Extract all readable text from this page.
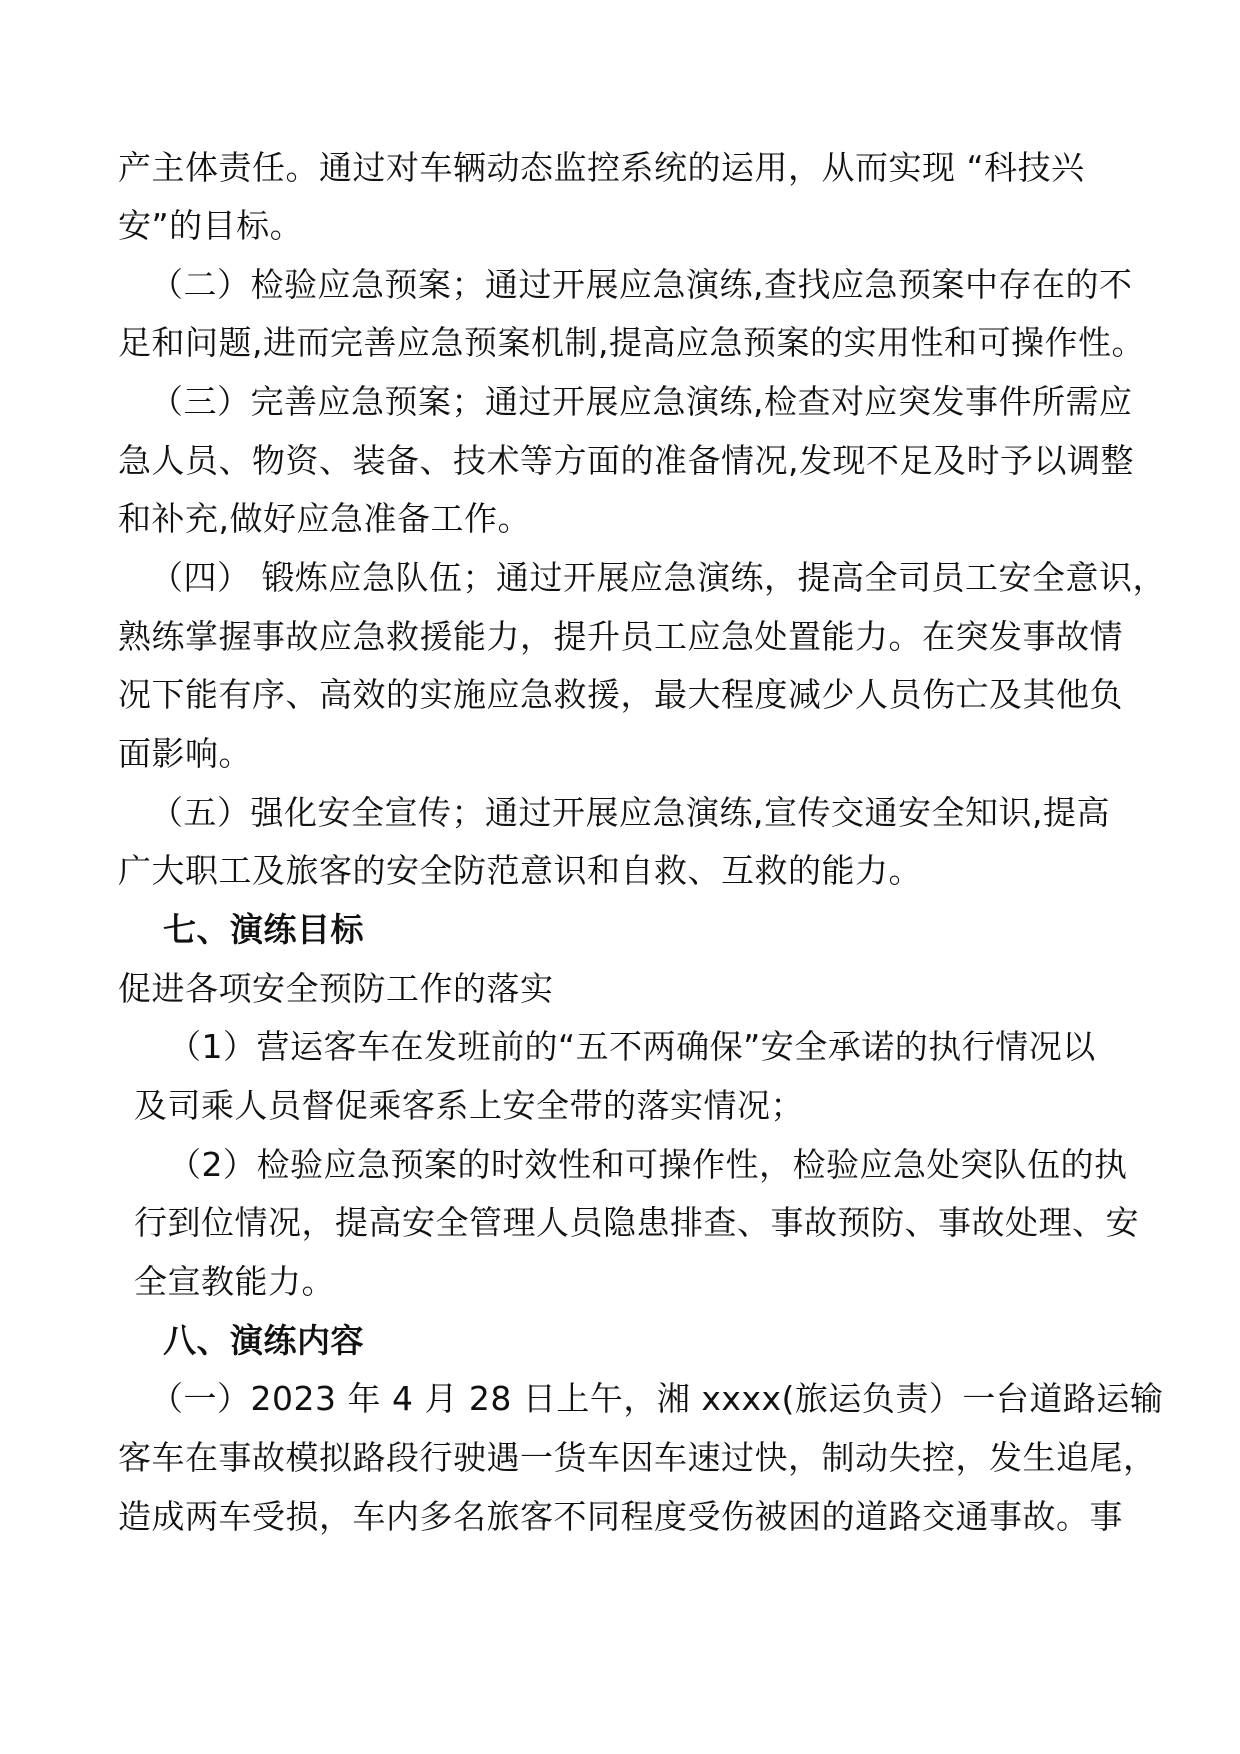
产主体责任。通过对车辆动态监控系统的运用，从而实现 “科技兴
安”的目标。
（二）检验应急预案；通过开展应急演练,查找应急预案中存在的不
足和问题,进而完善应急预案机制,提高应急预案的实用性和可操作性。
（三）完善应急预案；通过开展应急演练,检查对应突发事件所需应
急人员、物资、装备、技术等方面的准备情况,发现不足及时予以调整
和补充,做好应急准备工作。
（四） 锻炼应急队伍；通过开展应急演练，提高全司员工安全意识，
熟练掌握事故应急救援能力，提升员工应急处置能力。在突发事故情
况下能有序、高效的实施应急救援，最大程度减少人员伤亡及其他负
面影响。
（五）强化安全宣传；通过开展应急演练,宣传交通安全知识,提高
广大职工及旅客的安全防范意识和自救、互救的能力。
七、演练目标
促进各项安全预防工作的落实
（1）营运客车在发班前的“五不两确保”安全承诺的执行情况以
及司乘人员督促乘客系上安全带的落实情况；
（2）检验应急预案的时效性和可操作性，检验应急处突队伍的执
行到位情况，提高安全管理人员隐患排查、事故预防、事故处理、安
全宣教能力。
八、演练内容
（一）2023 年 4 月 28 日上午，湘 xxxx(旅运负责）一台道路运输
客车在事故模拟路段行驶遇一货车因车速过快，制动失控，发生追尾，
造成两车受损，车内多名旅客不同程度受伤被困的道路交通事故。事
